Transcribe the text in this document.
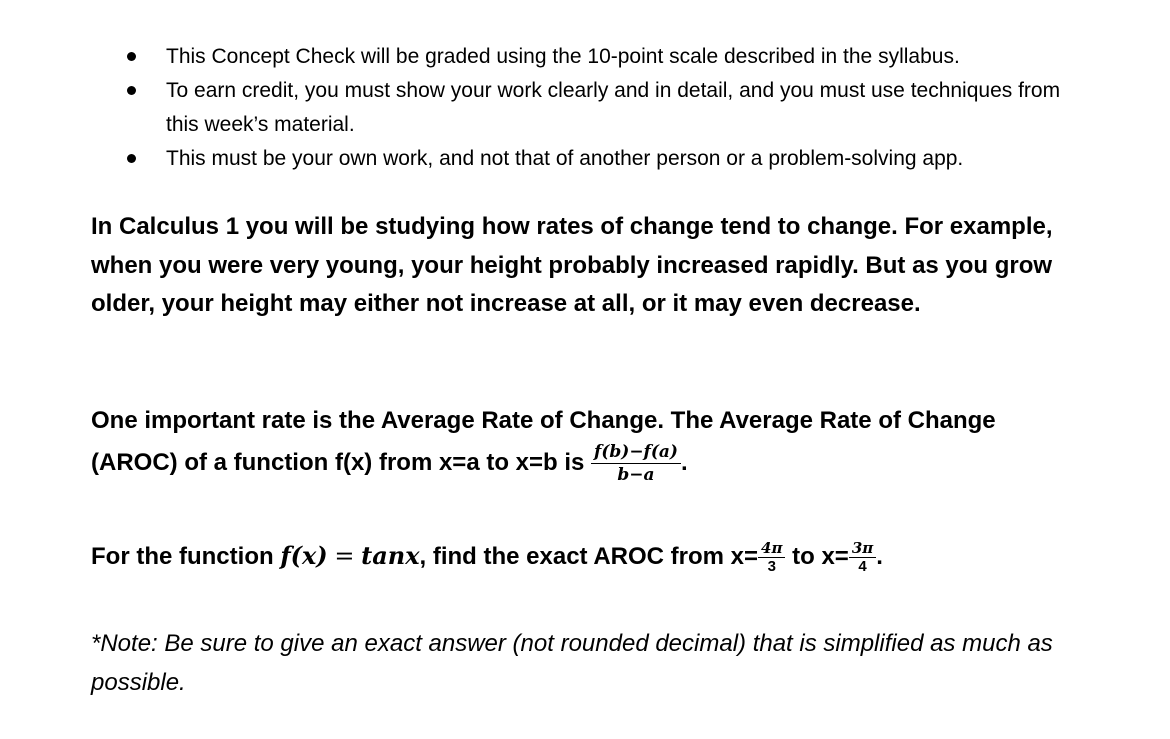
This Concept Check will be graded using the 10-point scale described in the syllabus.
To earn credit, you must show your work clearly and in detail, and you must use techniques from this week’s material.
This must be your own work, and not that of another person or a problem-solving app.

In Calculus 1 you will be studying how rates of change tend to change. For example, when you were very young, your height probably increased rapidly. But as you grow older, your height may either not increase at all, or it may even decrease.

One important rate is the Average Rate of Change. The Average Rate of Change (AROC) of a function f(x) from x=a to x=b is $\frac{f(b)-f(a)}{b-a}$ .

For the function f(x) = tanx, find the exact AROC from $x= \frac{4\pi}{3}$ to $x= \frac{3\pi}{4}$ .

*Note: Be sure to give an exact answer (not rounded decimal) that is simplified as much as possible.
